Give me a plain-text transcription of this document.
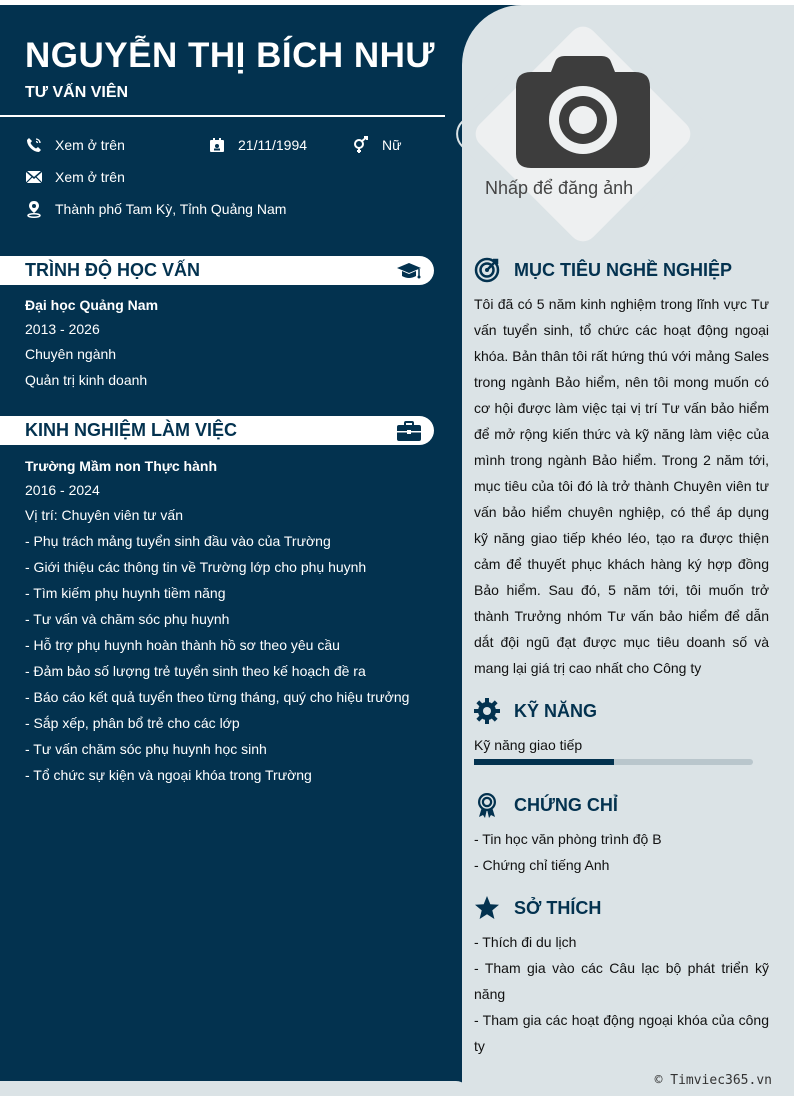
NGUYỄN THỊ BÍCH NHƯ
TƯ VẤN VIÊN
Xem ở trên	21/11/1994	Nữ
Xem ở trên
Thành phố Tam Kỳ, Tỉnh Quảng Nam
Nhấp để đăng ảnh
TRÌNH ĐỘ HỌC VẤN
Đại học Quảng Nam
2013 - 2026
Chuyên ngành
Quản trị kinh doanh
KINH NGHIỆM LÀM VIỆC
Trường Mầm non Thực hành
2016 - 2024
Vị trí: Chuyên viên tư vấn
- Phụ trách mảng tuyển sinh đầu vào của Trường
- Giới thiệu các thông tin về Trường lớp cho phụ huynh
- Tìm kiếm phụ huynh tiềm năng
- Tư vấn và chăm sóc phụ huynh
- Hỗ trợ phụ huynh hoàn thành hồ sơ theo yêu cầu
- Đảm bảo số lượng trẻ tuyển sinh theo kế hoạch đề ra
- Báo cáo kết quả tuyển theo từng tháng, quý cho hiệu trưởng
- Sắp xếp, phân bổ trẻ cho các lớp
- Tư vấn chăm sóc phụ huynh học sinh
- Tổ chức sự kiện và ngoại khóa trong Trường
MỤC TIÊU NGHỀ NGHIỆP
Tôi đã có 5 năm kinh nghiệm trong lĩnh vực Tư vấn tuyển sinh, tổ chức các hoạt động ngoại khóa. Bản thân tôi rất hứng thú với mảng Sales trong ngành Bảo hiểm, nên tôi mong muốn có cơ hội được làm việc tại vị trí Tư vấn bảo hiểm để mở rộng kiến thức và kỹ năng làm việc của mình trong ngành Bảo hiểm. Trong 2 năm tới, mục tiêu của tôi đó là trở thành Chuyên viên tư vấn bảo hiểm chuyên nghiệp, có thể áp dụng kỹ năng giao tiếp khéo léo, tạo ra được thiện cảm để thuyết phục khách hàng ký hợp đồng Bảo hiểm. Sau đó, 5 năm tới, tôi muốn trở thành Trưởng nhóm Tư vấn bảo hiểm để dẫn dắt đội ngũ đạt được mục tiêu doanh số và mang lại giá trị cao nhất cho Công ty
KỸ NĂNG
Kỹ năng giao tiếp
CHỨNG CHỈ
- Tin học văn phòng trình độ B
- Chứng chỉ tiếng Anh
SỞ THÍCH
- Thích đi du lịch
- Tham gia vào các Câu lạc bộ phát triển kỹ năng
- Tham gia các hoạt động ngoại khóa của công ty
© Timviec365.vn
